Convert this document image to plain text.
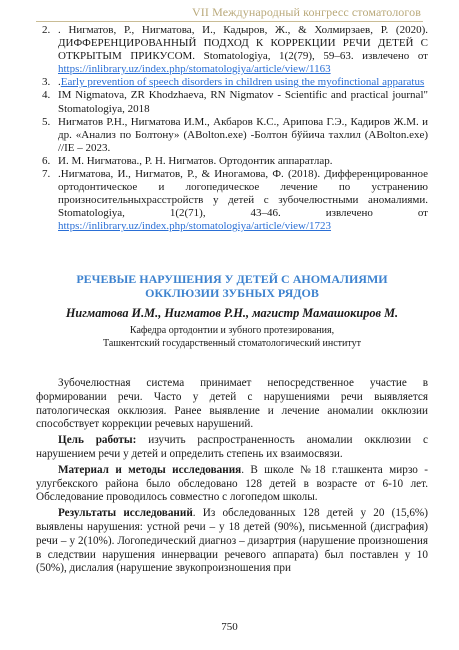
VII Международный конгресс стоматологов
2. . Нигматов, Р., Нигматова, И., Кадыров, Ж., & Холмирзаев, Р. (2020). ДИФФЕРЕНЦИРОВАННЫЙ ПОДХОД К КОРРЕКЦИИ РЕЧИ ДЕТЕЙ С ОТКРЫТЫМ ПРИКУСОМ. Stomatologiya, 1(2(79), 59–63. извлечено от https://inlibrary.uz/index.php/stomatologiya/article/view/1163
3. .Early prevention of speech disorders in children using the myofinctional apparatus
4. IM Nigmatova, ZR Khodzhaeva, RN Nigmatov - Scientific and practical journal" Stomatologiya, 2018
5. Нигматов Р.Н., Нигматова И.М., Акбаров К.С., Арипова Г.Э., Кадиров Ж.М. и др. «Анализ по Болтону» (ABolton.exe) -Болтон бўйича тахлил (ABolton.exe) //IE – 2023.
6. И. М. Нигматова., Р. Н. Нигматов. Ортодонтик аппаратлар.
7. .Нигматова, И., Нигматов, Р., & Иногамова, Ф. (2018). Дифференцированное ортодонтическое и логопедическое лечение по устранению произносительныхрасстройств у детей с зубочелюстными аномалиями. Stomatologiya, 1(2(71), 43–46. извлечено от https://inlibrary.uz/index.php/stomatologiya/article/view/1723
РЕЧЕВЫЕ НАРУШЕНИЯ У ДЕТЕЙ С АНОМАЛИЯМИ
ОККЛЮЗИИ ЗУБНЫХ РЯДОВ
Нигматова И.М., Нигматов Р.Н., магистр Мамашокиров М.
Кафедра ортодонтии и зубного протезирования,
Ташкентский государственный стоматологический институт

Зубочелюстная система принимает непосредственное участие в формировании речи. Часто у детей с нарушениями речи выявляется патологическая окклюзия. Ранее выявление и лечение аномалии окклюзии способствует коррекции речевых нарушений.

Цель работы: изучить распространенность аномалии окклюзии с нарушением речи у детей и определить степень их взаимосвязи.

Материал и методы исследования. В школе №18 г.ташкента мирзо - улугбекского района было обследовано 128 детей в возрасте от 6-10 лет. Обследование проводилось совместно с логопедом школы.

Результаты исследований. Из обследованных 128 детей у 20 (15,6%) выявлены нарушения: устной речи – у 18 детей (90%), письменной (дисграфия) речи – у 2(10%). Логопедический диагноз – дизартрия (нарушение произношения в следствии нарушения иннервации речевого аппарата) был поставлен у 10 (50%), дислалия (нарушение звукопроизношения при

750
